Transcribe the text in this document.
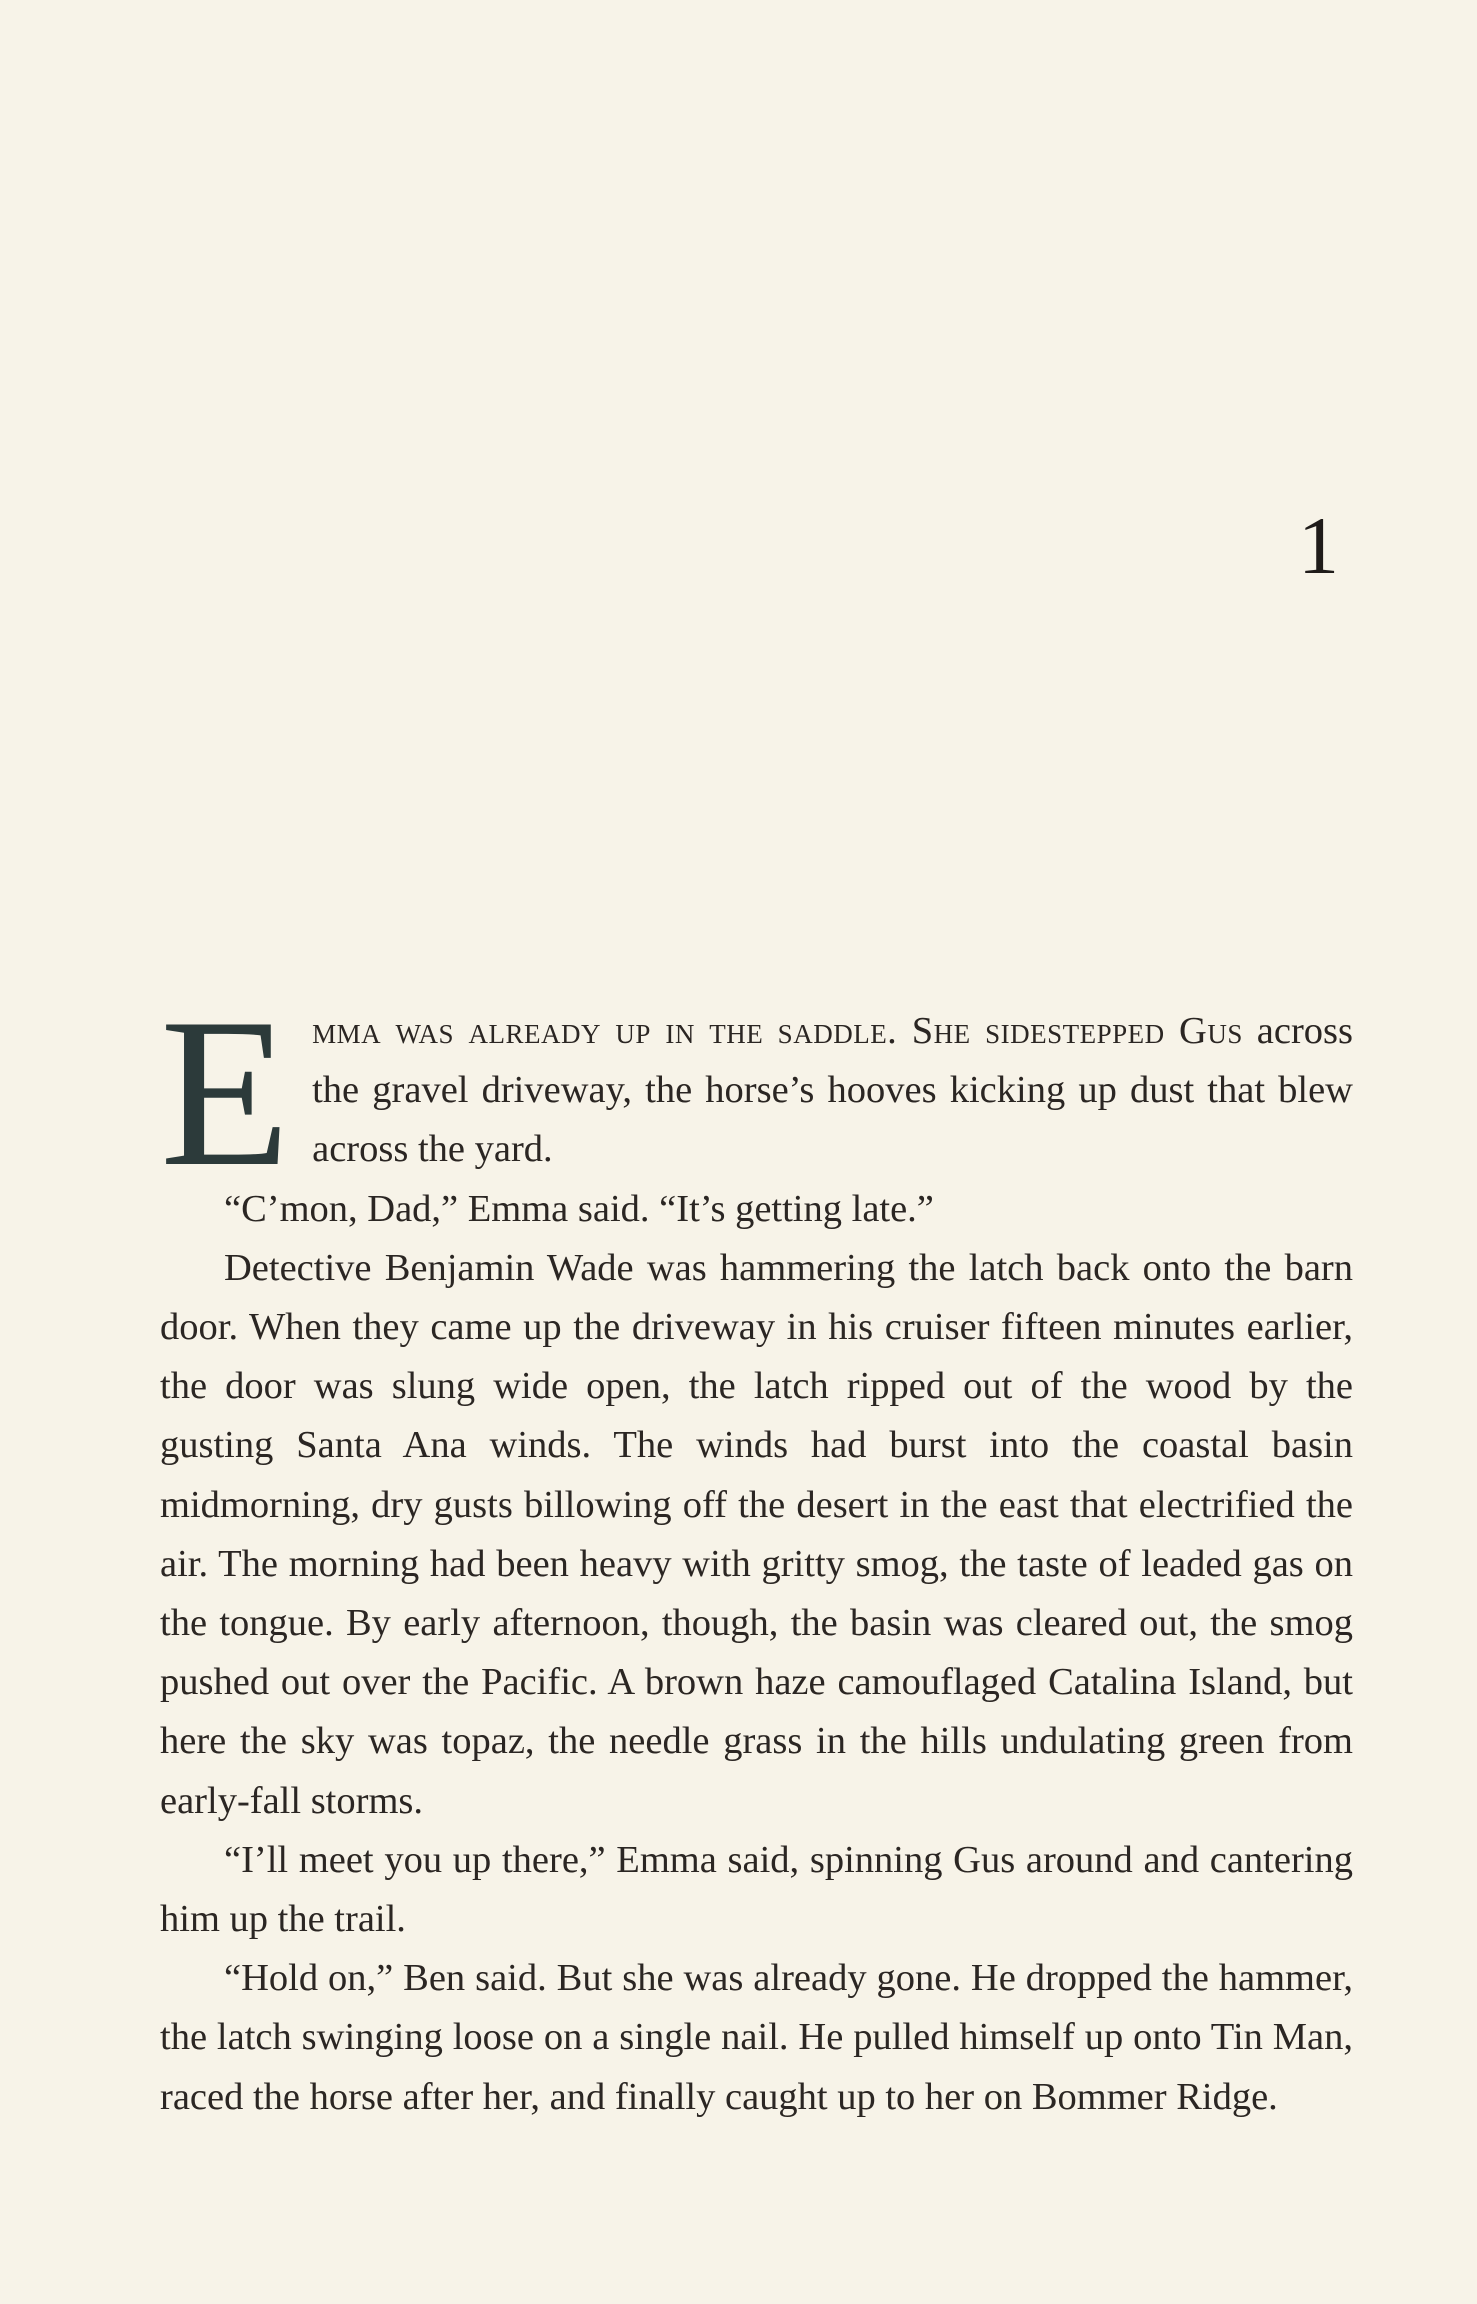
1

Emma was already up in the saddle. She sidestepped Gus across the gravel driveway, the horse’s hooves kicking up dust that blew across the yard.

“C’mon, Dad,” Emma said. “It’s getting late.”

Detective Benjamin Wade was hammering the latch back onto the barn door. When they came up the driveway in his cruiser fifteen minutes earlier, the door was slung wide open, the latch ripped out of the wood by the gusting Santa Ana winds. The winds had burst into the coastal basin midmorning, dry gusts billowing off the desert in the east that electrified the air. The morning had been heavy with gritty smog, the taste of leaded gas on the tongue. By early afternoon, though, the basin was cleared out, the smog pushed out over the Pacific. A brown haze camouflaged Catalina Island, but here the sky was topaz, the needle grass in the hills undulating green from early-fall storms.

“I’ll meet you up there,” Emma said, spinning Gus around and cantering him up the trail.

“Hold on,” Ben said. But she was already gone. He dropped the hammer, the latch swinging loose on a single nail. He pulled himself up onto Tin Man, raced the horse after her, and finally caught up to her on Bommer Ridge.
